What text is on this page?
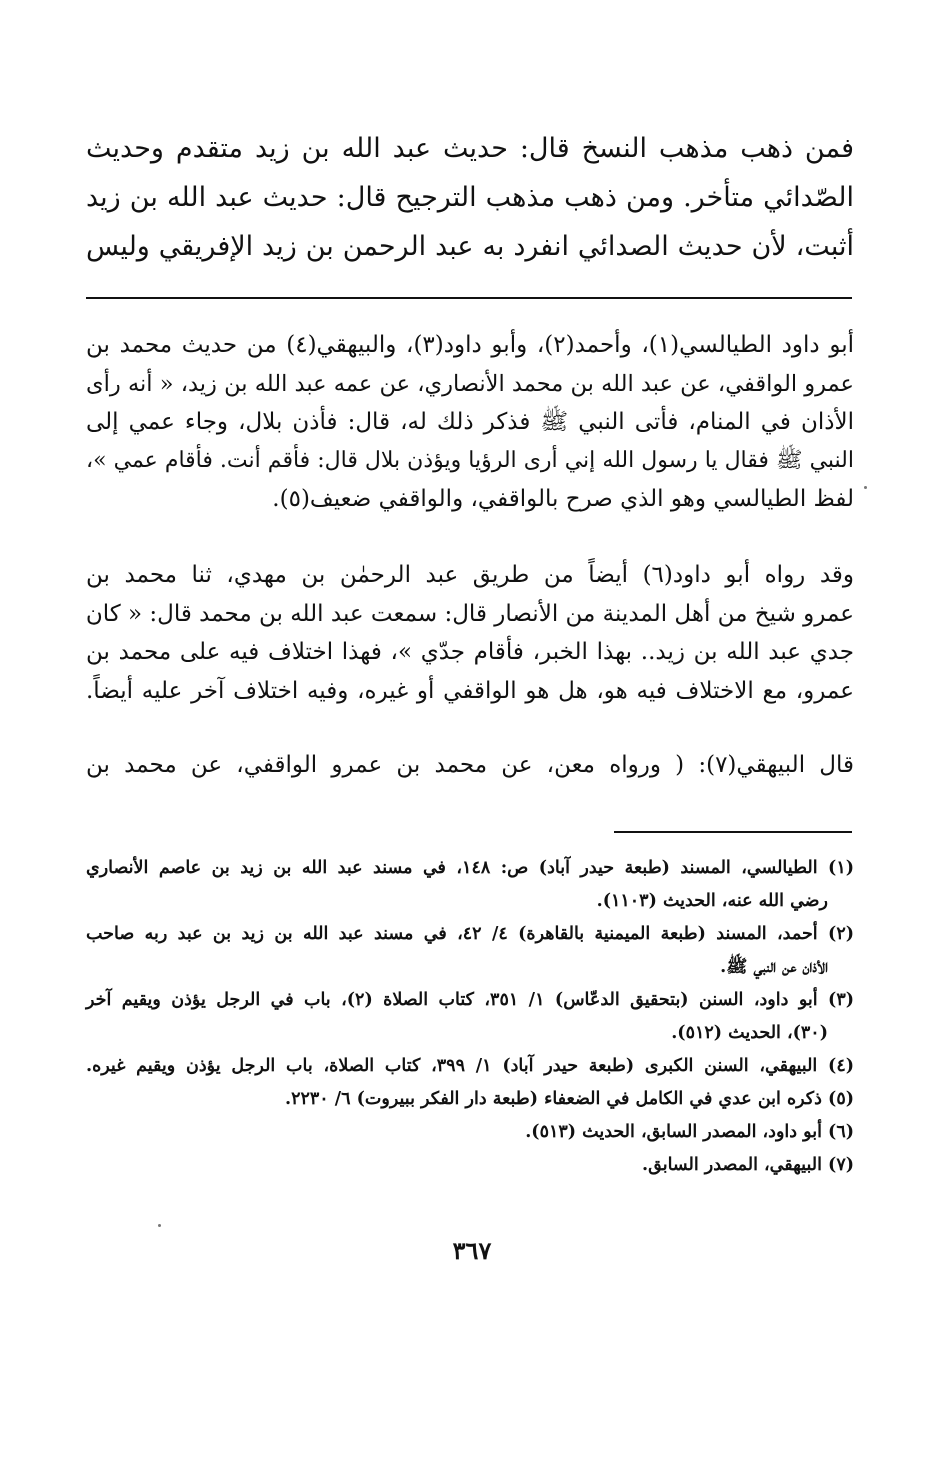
فمن ذهب مذهب النسخ قال: حديث عبد الله بن زيد متقدم وحديث
الصّدائي متأخر. ومن ذهب مذهب الترجيح قال: حديث عبد الله بن زيد
أثبت، لأن حديث الصدائي انفرد به عبد الرحمن بن زيد الإفريقي وليس
أبو داود الطيالسي(١)، وأحمد(٢)، وأبو داود(٣)، والبيهقي(٤) من حديث محمد بن
عمرو الواقفي، عن عبد الله بن محمد الأنصاري، عن عمه عبد الله بن زيد، « أنه رأى
الأذان في المنام، فأتى النبي ﷺ فذكر ذلك له، قال: فأذن بلال، وجاء عمي إلى
النبي ﷺ فقال يا رسول الله إني أرى الرؤيا ويؤذن بلال قال: فأقم أنت. فأقام عمي »،
لفظ الطيالسي وهو الذي صرح بالواقفي، والواقفي ضعيف(٥).
وقد رواه أبو داود(٦) أيضاً من طريق عبد الرحمٰن بن مهدي، ثنا محمد بن
عمرو شيخ من أهل المدينة من الأنصار قال: سمعت عبد الله بن محمد قال: « كان
جدي عبد الله بن زيد.. بهذا الخبر، فأقام جدّي »، فهذا اختلاف فيه على محمد بن
عمرو، مع الاختلاف فيه هو، هل هو الواقفي أو غيره، وفيه اختلاف آخر عليه أيضاً.
قال البيهقي(٧): ( ورواه معن، عن محمد بن عمرو الواقفي، عن محمد بن
(١) الطيالسي، المسند (طبعة حيدر آباد) ص: ١٤٨، في مسند عبد الله بن زيد بن عاصم الأنصاري
رضي الله عنه، الحديث (١١٠٣).
(٢) أحمد، المسند (طبعة الميمنية بالقاهرة) ٤/ ٤٢، في مسند عبد الله بن زيد بن عبد ربه صاحب
الأذان عن النبي ﷺ.
(٣) أبو داود، السنن (بتحقيق الدعّاس) ١/ ٣٥١، كتاب الصلاة (٢)، باب في الرجل يؤذن ويقيم آخر
(٣٠)، الحديث (٥١٢).
(٤) البيهقي، السنن الكبرى (طبعة حيدر آباد) ١/ ٣٩٩، كتاب الصلاة، باب الرجل يؤذن ويقيم غيره.
(٥) ذكره ابن عدي في الكامل في الضعفاء (طبعة دار الفكر ببيروت) ٦/ ٢٢٣٠.
(٦) أبو داود، المصدر السابق، الحديث (٥١٣).
(٧) البيهقي، المصدر السابق.
٣٦٧
